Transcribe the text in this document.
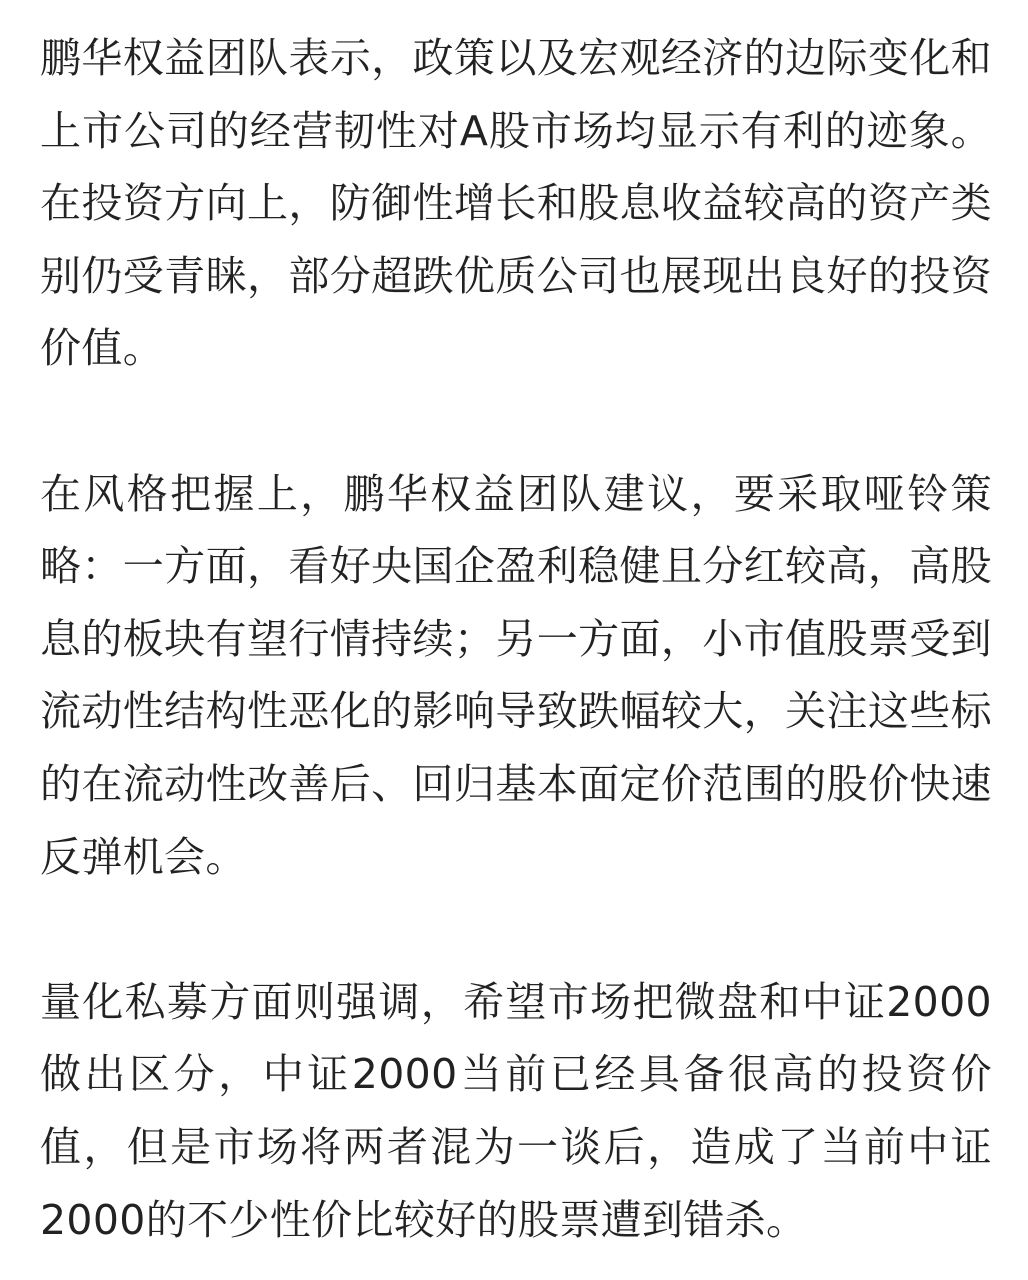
鹏华权益团队表示，政策以及宏观经济的边际变化和上市公司的经营韧性对A股市场均显示有利的迹象。在投资方向上，防御性增长和股息收益较高的资产类别仍受青睐，部分超跌优质公司也展现出良好的投资价值。

在风格把握上，鹏华权益团队建议，要采取哑铃策略：一方面，看好央国企盈利稳健且分红较高，高股息的板块有望行情持续；另一方面，小市值股票受到流动性结构性恶化的影响导致跌幅较大，关注这些标的在流动性改善后、回归基本面定价范围的股价快速反弹机会。

量化私募方面则强调，希望市场把微盘和中证2000做出区分，中证2000当前已经具备很高的投资价值，但是市场将两者混为一谈后，造成了当前中证2000的不少性价比较好的股票遭到错杀。
